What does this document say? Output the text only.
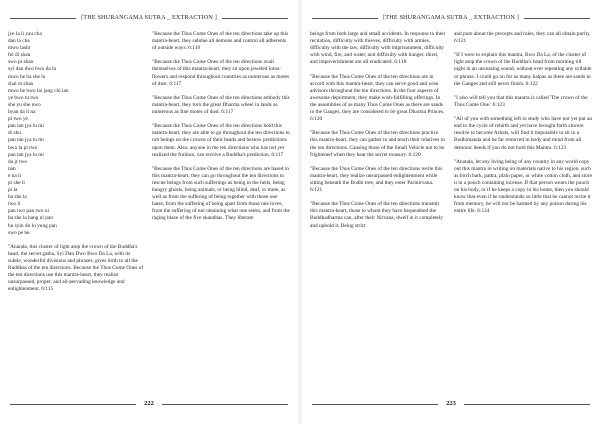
[THE SHURANGAMA SUTRA _ EXTRACTION ]

jye la li yau cha

dan la cha

mwo lashr

fei di shan

swo pi shan

syi dan dwo bwo da la

mwo he ba she lu

shai ni shan

mwo he bwo lai jang chi lan

ye bwo tu two

she yu she nwo

byan da li na

pi two ye

pan tan jya lu mi

di shu

pan tan jya lu mi

bwo la pi two

pan tan jya lu mi

da jr two

nan

e na li

pi she li

pi la

ba she la

two li

pan two pan two ni

ba she la bang ni pan

hu syin du lu yung pan

swo pe he.

"Ananda, this cluster of light atop the crown of the Buddha's head, the secret gatha, Syi Dan Dwo Bwo Da La, with its subtle, wonderful divisions and phrases, gives birth to all the Buddhas of the ten directions. Because the Thus Come Ones of the ten directions use this mantra-heart, they realize unsurpassed, proper, and all-pervading knowledge and enlightenment. 6:115

"Because the Thus Come Ones of the ten directions take up this mantra-heart, they subdue all demons and control all adherents of outside ways. 6:116

"Because the Thus Come Ones of the ten directions avail themselves of this mantra-heart, they sit upon jeweled lotus-flowers and respond throughout countries as numerous as motes of dust. 6:117

"Because the Thus Come Ones of the ten directions embody this mantra-heart, they turn the great Dharma wheel in lands as numerous as fine motes of dust. 6:117

"Because the Thus Come Ones of the ten directions hold this mantra-heart, they are able to go throughout the ten directions to rub beings on the crowns of their heads and bestow predictions upon them. Also, anyone in the ten directions who has not yet realized the fruition, can receive a Buddha's prediction. 6:117

"Because the Thus Come Ones of the ten directions are based in this mantra-heart, they can go throughout the ten directions to rescue beings from such sufferings as being in the hells, being hungry ghosts, being animals, or being blind, deaf, or mute, as well as from the suffering of being together with those one hates, from the suffering of being apart from those one loves, from the suffering of not obtaining what one seeks, and from the raging blaze of the five skandhas. They liberate

222
[THE SHURANGAMA SUTRA _ EXTRACTION ]

beings from both large and small accidents. In response to their recitation, difficulty with thieves, difficulty with armies, difficulty with the law, difficulty with imprisonment, difficulty with wind, fire, and water, and difficulty with hunger, thirst, and impoverishment are all eradicated. 6:118

"Because the Thus Come Ones of the ten directions are in accord with this mantra-heart, they can serve good and wise advisors throughout the ten directions. In the four aspects of awesome deportment, they make wish-fulfilling offerings. In the assemblies of as many Thus Come Ones as there are sands in the Ganges, they are considered to be great Dharma Princes. 6:120

"Because the Thus Come Ones of the ten directions practice this mantra-heart, they can gather in and teach their relatives in the ten directions. Causing those of the Small Vehicle not to be frightened when they hear the secret treasury. 6:120

"Because the Thus Come Ones of the ten directions recite this mantra-heart, they realize unsurpassed enlightenment while sitting beneath the Bodhi tree, and they enter Parinirvana. 6:121

"Because the Thus Come Ones of the ten directions transmit this mantra-heart, those to whom they have bequeathed the Buddhadharma can, after their Nirvana, dwell in it completely and uphold it. Being strict

and pure about the precepts and rules, they can all obtain purity. 6:121

"If I were to explain this mantra, Bwo Da La, of the cluster of light atop the crown of the Buddha's head from morning till night in an unceasing sound, without ever repeating any syllable or phrase, I could go on for as many kalpas as there are sands in the Ganges and still never finish. 6:122

"I also will tell you that this mantra is called 'The crown of the Thus Come One.' 6:123

"All of you with something left to study who have not yet put an end to the cycle of rebirth and yet have brought forth sincere resolve to become Arhats, will find it impossible to sit in a Bodhimanda and be far removed in body and mind from all demonic deeds if you do not hold this Mantra. 6:123

"Ananda, let any living being of any country in any world copy out this mantra in writing on materials native to his region, such as birch bark, pattra, plain paper, or white cotton cloth, and store it in a pouch containing incense. If that person wears the pouch on his body, or if he keeps a copy in his home, then you should know that even if he understands so little that he cannot recite it from memory, he will not be harmed by any poison during his entire life. 6:124

223
